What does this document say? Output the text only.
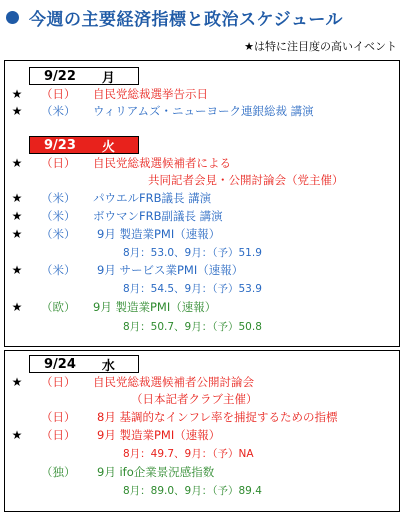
今週の主要経済指標と政治スケジュール
★は特に注目度の高いイベント
9/22 月
★ （日）	自民党総裁選挙告示日
★ （米）	ウィリアムズ・ニューヨーク連銀総裁 講演
9/23 火
★ （日）	自民党総裁選候補者による
共同記者会見・公開討論会（党主催）
★ （米）	パウエルFRB議長 講演
★ （米）	ボウマンFRB副議長 講演
★ （米）	9月 製造業PMI（速報）
8月：53.0、9月：（予）51.9
★ （米）	9月 サービス業PMI（速報）
8月：54.5、9月：（予）53.9
★ （欧）	9月 製造業PMI（速報）
8月：50.7、9月：（予）50.8
9/24 水
★ （日）	自民党総裁選候補者公開討論会
（日本記者クラブ主催）
（日）	8月 基調的なインフレ率を捕捉するための指標
★ （日）	9月 製造業PMI（速報）
8月：49.7、9月：（予）NA
（独）	9月 ifo企業景況感指数
8月：89.0、9月：（予）89.4
